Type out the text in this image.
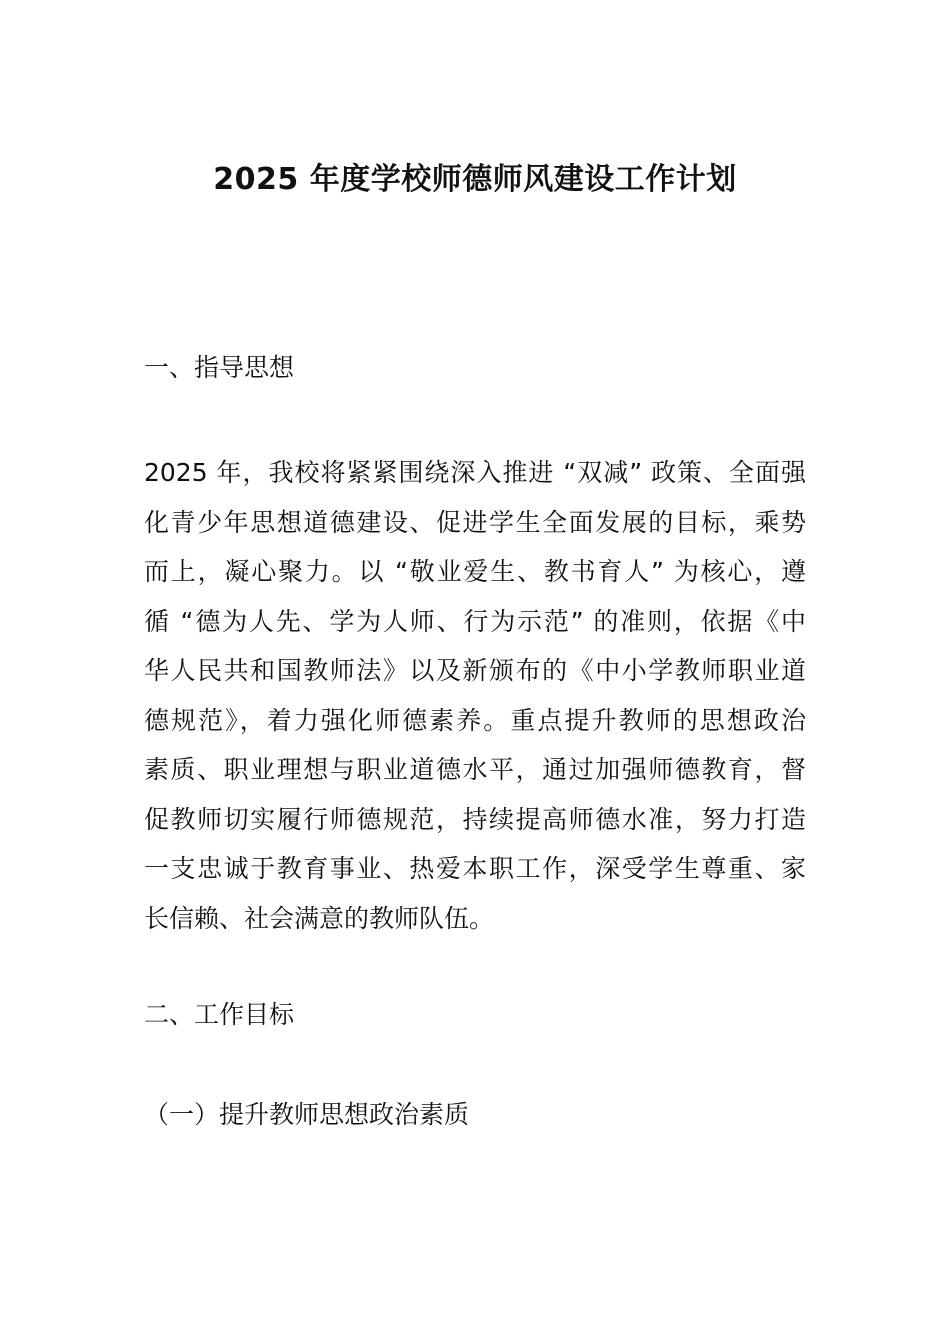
2025 年度学校师德师风建设工作计划
一、指导思想

2025 年，我校将紧紧围绕深入推进 “双减” 政策、全面强
化青少年思想道德建设、促进学生全面发展的目标，乘势
而上，凝心聚力。以 “敬业爱生、教书育人” 为核心，遵
循 “德为人先、学为人师、行为示范” 的准则，依据《中
华人民共和国教师法》以及新颁布的《中小学教师职业道
德规范》，着力强化师德素养。重点提升教师的思想政治
素质、职业理想与职业道德水平，通过加强师德教育，督
促教师切实履行师德规范，持续提高师德水准，努力打造
一支忠诚于教育事业、热爱本职工作，深受学生尊重、家
长信赖、社会满意的教师队伍。

二、工作目标
（一）提升教师思想政治素质
